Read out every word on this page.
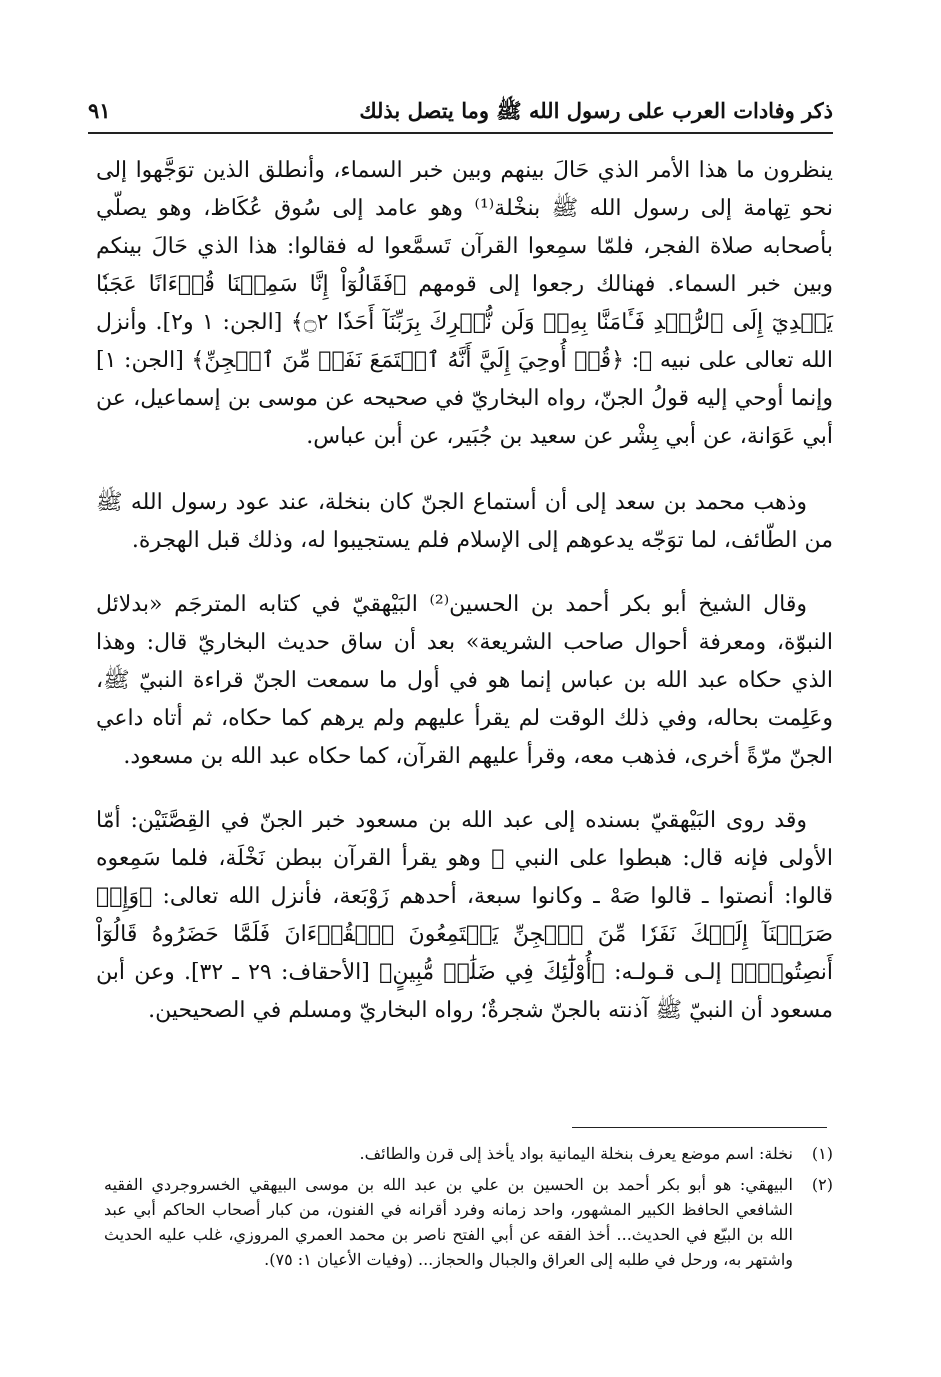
ذكر وفادات العرب على رسول الله ﷺ وما يتصل بذلك
٩١

ينظرون ما هذا الأمر الذي حَالَ بينهم وبين خبر السماء، وأنطلق الذين توَجَّهوا إلى نحو تِهامة إلى رسول الله ﷺ بنخْلة⁽¹⁾ وهو عامد إلى سُوق عُكَاظ، وهو يصلّي بأصحابه صلاة الفجر، فلمّا سمِعوا القرآن تَسمَّعوا له فقالوا: هذا الذي حَالَ بينكم وبين خبر السماء. فهنالك رجعوا إلى قومهم ﴿فَقَالُوٓاْ إِنَّا سَمِعۡنَا قُرۡءَانًا عَجَبٗا يَهۡدِيٓ إِلَى ٱلرُّشۡدِ فَـَٔامَنَّا بِهِۦۖ وَلَن نُّشۡرِكَ بِرَبِّنَآ أَحَدٗا ۝٢﴾ [الجن: ١ و٢]. وأنزل الله تعالى على نبيه ﷺ: ﴿قُلۡ أُوحِيَ إِلَيَّ أَنَّهُ ٱسۡتَمَعَ نَفَرٞ مِّنَ ٱلۡجِنِّ﴾ [الجن: ١] وإنما أوحي إليه قولُ الجنّ، رواه البخاريّ في صحيحه عن موسى بن إسماعيل، عن أبي عَوَانة، عن أبي بِشْر عن سعيد بن جُبَير، عن أبن عباس.

وذهب محمد بن سعد إلى أن أستماع الجنّ كان بنخلة، عند عود رسول الله ﷺ من الطّائف، لما توَجّه يدعوهم إلى الإسلام فلم يستجيبوا له، وذلك قبل الهجرة.

وقال الشيخ أبو بكر أحمد بن الحسين⁽²⁾ البَيْهقيّ في كتابه المترجَم «بدلائل النبوّة، ومعرفة أحوال صاحب الشريعة» بعد أن ساق حديث البخاريّ قال: وهذا الذي حكاه عبد الله بن عباس إنما هو في أول ما سمعت الجنّ قراءة النبيّ ﷺ، وعَلِمت بحاله، وفي ذلك الوقت لم يقرأ عليهم ولم يرهم كما حكاه، ثم أتاه داعي الجنّ مرّةً أخرى، فذهب معه، وقرأ عليهم القرآن، كما حكاه عبد الله بن مسعود.

وقد روى البَيْهقيّ بسنده إلى عبد الله بن مسعود خبر الجنّ في القِصَّتَيْن: أمّا الأولى فإنه قال: هبطوا على النبي ﷺ وهو يقرأ القرآن ببطن نَخْلَة، فلما سَمِعوه قالوا: أنصتوا ـ قالوا صَهْ ـ وكانوا سبعة، أحدهم زَوْبَعة، فأنزل الله تعالى: ﴿وَإِذۡ صَرَفۡنَآ إِلَيۡكَ نَفَرٗا مِّنَ ٱلۡجِنِّ يَسۡتَمِعُونَ ٱلۡقُرۡءَانَ فَلَمَّا حَضَرُوهُ قَالُوٓاْ أَنصِتُواْۖ﴾ إلـى قـولـه: ﴿أُوْلَٰٓئِكَ فِي ضَلَٰلٖ مُّبِينٍ﴾ [الأحقاف: ٢٩ ـ ٣٢]. وعن أبن مسعود أن النبيّ ﷺ آذنته بالجنّ شجرةٌ؛ رواه البخاريّ ومسلم في الصحيحين.

(١)
نخلة: اسم موضع يعرف بنخلة اليمانية بواد يأخذ إلى قرن والطائف.
(٢)
البيهقي: هو أبو بكر أحمد بن الحسين بن علي بن عبد الله بن موسى البيهقي الخسروجردي الفقيه الشافعي الحافظ الكبير المشهور، واحد زمانه وفرد أقرانه في الفنون، من كبار أصحاب الحاكم أبي عبد الله بن البيّع في الحديث... أخذ الفقه عن أبي الفتح ناصر بن محمد العمري المروزي، غلب عليه الحديث واشتهر به، ورحل في طلبه إلى العراق والجبال والحجاز... (وفيات الأعيان ١: ٧٥).
